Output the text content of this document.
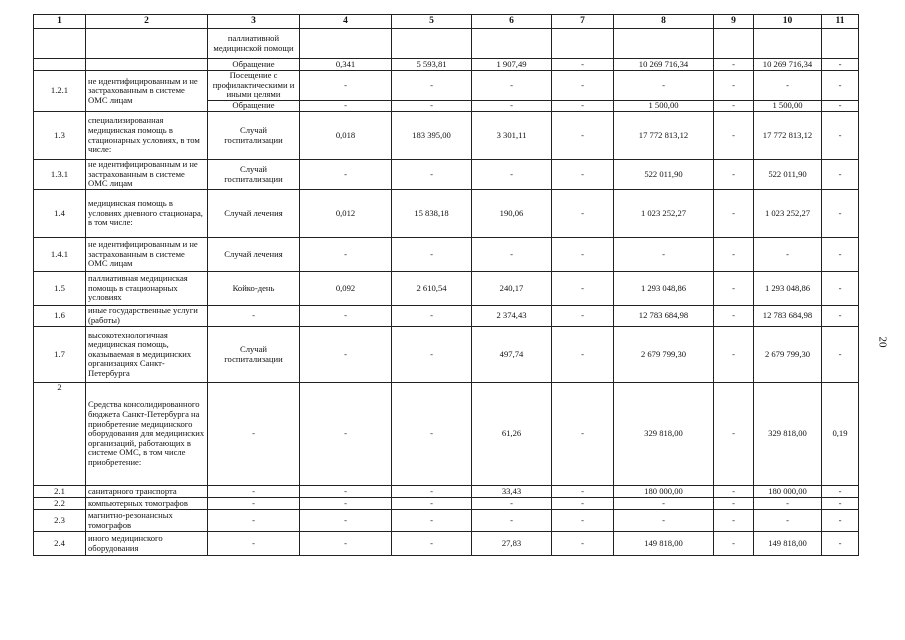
1	2	3	4	5	6	7	8	9	10	11
		паллиативной медицинской помощи								
		Обращение	0,341	5 593,81	1 907,49	-	10 269 716,34	-	10 269 716,34	-
1.2.1	не идентифицированным и не застрахованным в системе ОМС лицам	Посещение с профилактическими и иными целями	-	-	-	-	-	-	-	-
		Обращение	-	-	-	-	1 500,00	-	1 500,00	-
1.3	специализированная медицинская помощь в стационарных условиях, в том числе:	Случай госпитализации	0,018	183 395,00	3 301,11	-	17 772 813,12	-	17 772 813,12	-
1.3.1	не идентифицированным и не застрахованным в системе ОМС лицам	Случай госпитализации	-	-	-	-	522 011,90	-	522 011,90	-
1.4	медицинская помощь в условиях дневного стационара, в том числе:	Случай лечения	0,012	15 838,18	190,06	-	1 023 252,27	-	1 023 252,27	-
1.4.1	не идентифицированным и не застрахованным в системе ОМС лицам	Случай лечения	-	-	-	-	-	-	-	-
1.5	паллиативная медицинская помощь в стационарных условиях	Койко-день	0,092	2 610,54	240,17	-	1 293 048,86	-	1 293 048,86	-
1.6	иные государственные услуги (работы)	-	-	-	2 374,43	-	12 783 684,98	-	12 783 684,98	-
1.7	высокотехнологичная медицинская помощь, оказываемая в медицинских организациях Санкт-Петербурга	Случай госпитализации	-	-	497,74	-	2 679 799,30	-	2 679 799,30	-
2	Средства консолидированного бюджета Санкт-Петербурга на приобретение медицинского оборудования для медицинских организаций, работающих в системе ОМС, в том числе приобретение:	-	-	-	61,26	-	329 818,00	-	329 818,00	0,19
2.1	санитарного транспорта	-	-	-	33,43	-	180 000,00	-	180 000,00	-
2.2	компьютерных томографов	-	-	-	-	-	-	-	-	-
2.3	магнитно-резонансных томографов	-	-	-	-	-	-	-	-	-
2.4	иного медицинского оборудования	-	-	-	27,83	-	149 818,00	-	149 818,00	-
20
